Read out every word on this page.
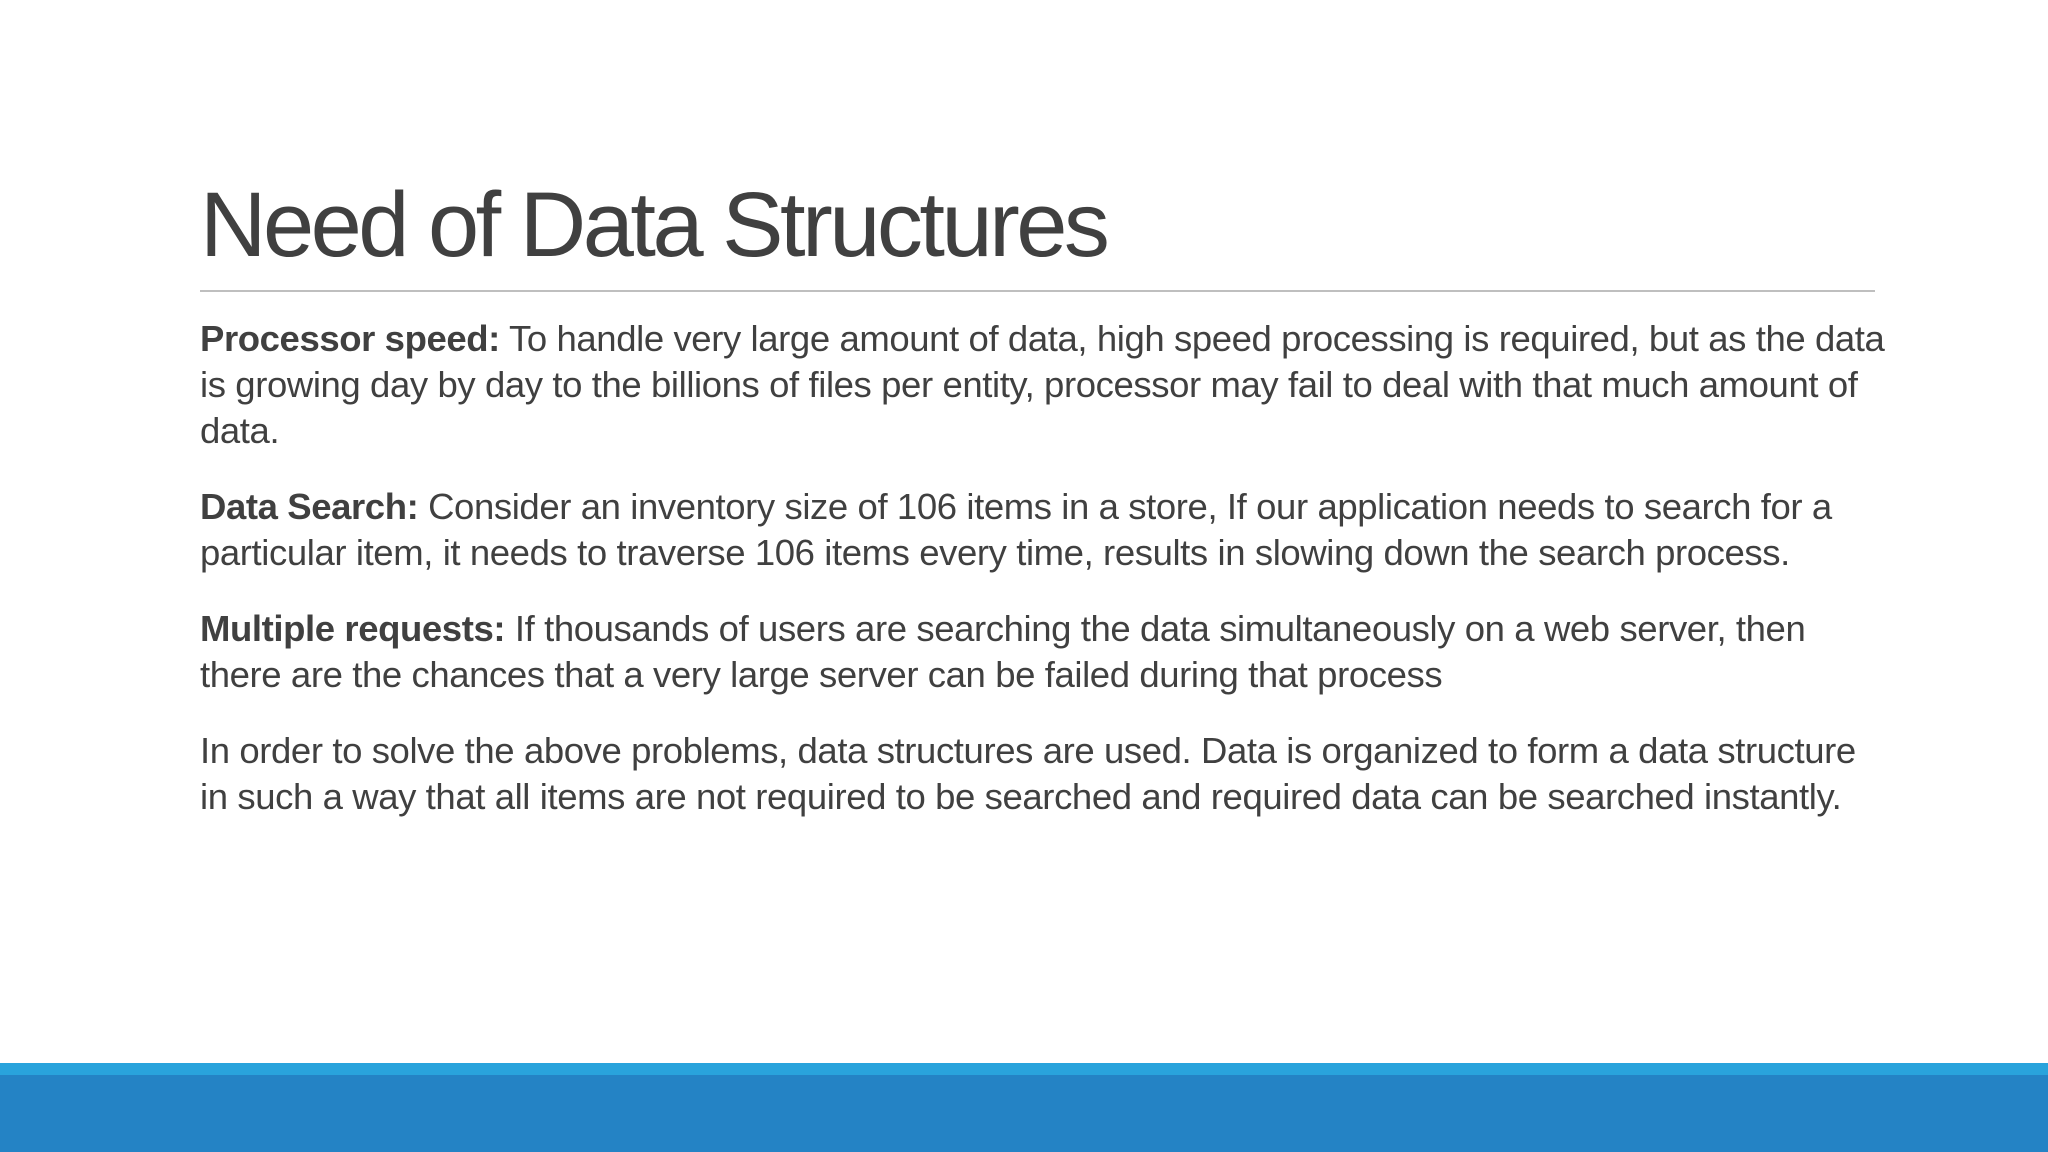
Need of Data Structures

Processor speed: To handle very large amount of data, high speed processing is required, but as the data is growing day by day to the billions of files per entity, processor may fail to deal with that much amount of data.

Data Search: Consider an inventory size of 106 items in a store, If our application needs to search for a particular item, it needs to traverse 106 items every time, results in slowing down the search process.

Multiple requests: If thousands of users are searching the data simultaneously on a web server, then there are the chances that a very large server can be failed during that process

In order to solve the above problems, data structures are used. Data is organized to form a data structure in such a way that all items are not required to be searched and required data can be searched instantly.
